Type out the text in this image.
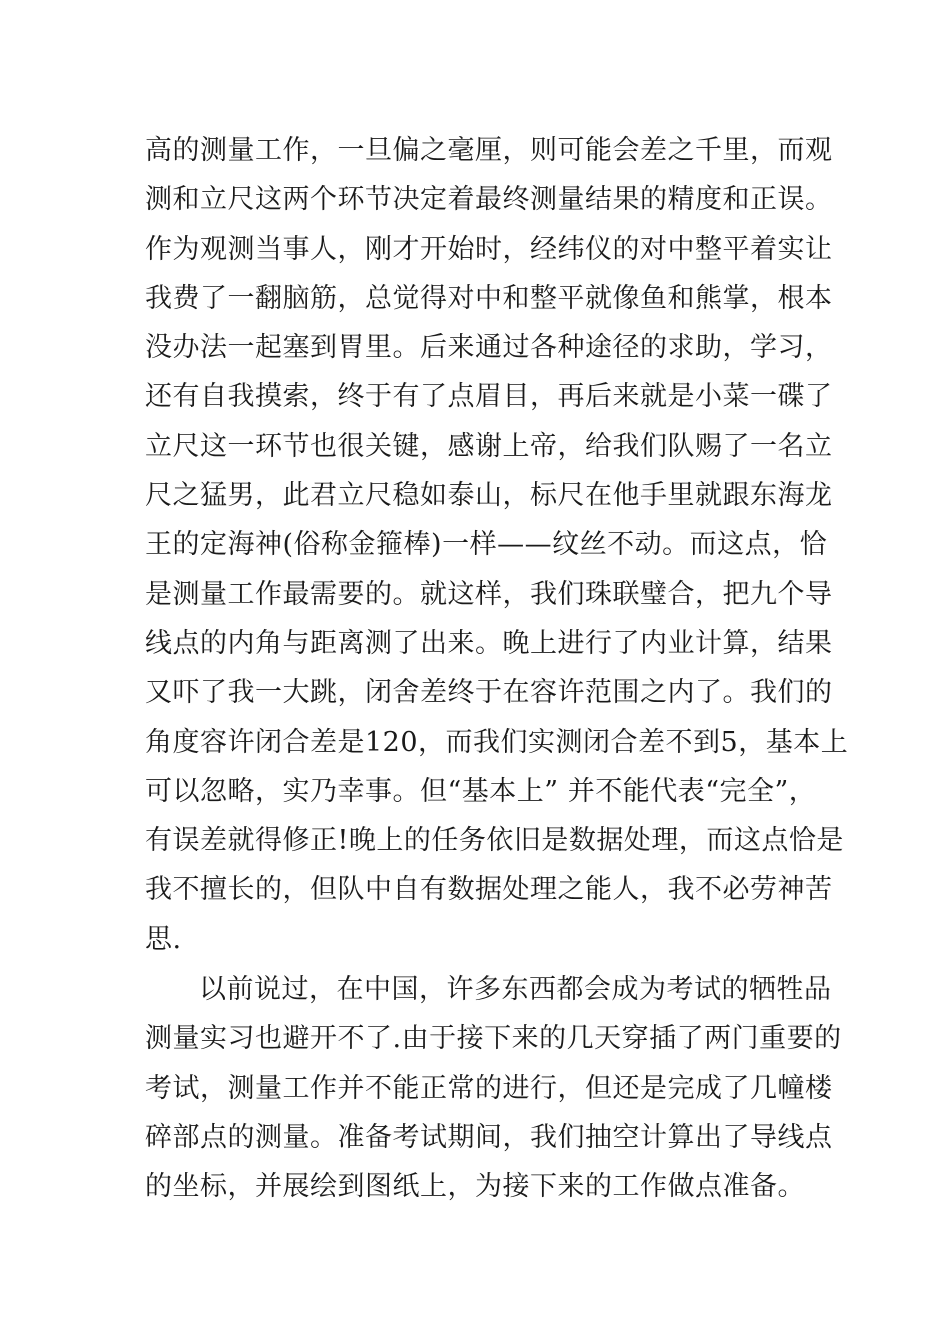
高的测量工作，一旦偏之毫厘，则可能会差之千里，而观
测和立尺这两个环节决定着最终测量结果的精度和正误。
作为观测当事人，刚才开始时，经纬仪的对中整平着实让
我费了一翻脑筋，总觉得对中和整平就像鱼和熊掌，根本
没办法一起塞到胃里。后来通过各种途径的求助，学习，
还有自我摸索，终于有了点眉目，再后来就是小菜一碟了
立尺这一环节也很关键，感谢上帝，给我们队赐了一名立
尺之猛男，此君立尺稳如泰山，标尺在他手里就跟东海龙
王的定海神(俗称金箍棒)一样——纹丝不动。而这点，恰
是测量工作最需要的。就这样，我们珠联璧合，把九个导
线点的内角与距离测了出来。晚上进行了内业计算，结果
又吓了我一大跳，闭舍差终于在容许范围之内了。我们的
角度容许闭合差是120，而我们实测闭合差不到5，基本上
可以忽略，实乃幸事。但“基本上” 并不能代表“完全”，
有误差就得修正!晚上的任务依旧是数据处理，而这点恰是
我不擅长的，但队中自有数据处理之能人，我不必劳神苦
思.
以前说过，在中国，许多东西都会成为考试的牺牲品
测量实习也避开不了.由于接下来的几天穿插了两门重要的
考试，测量工作并不能正常的进行，但还是完成了几幢楼
碎部点的测量。准备考试期间，我们抽空计算出了导线点
的坐标，并展绘到图纸上，为接下来的工作做点准备。
